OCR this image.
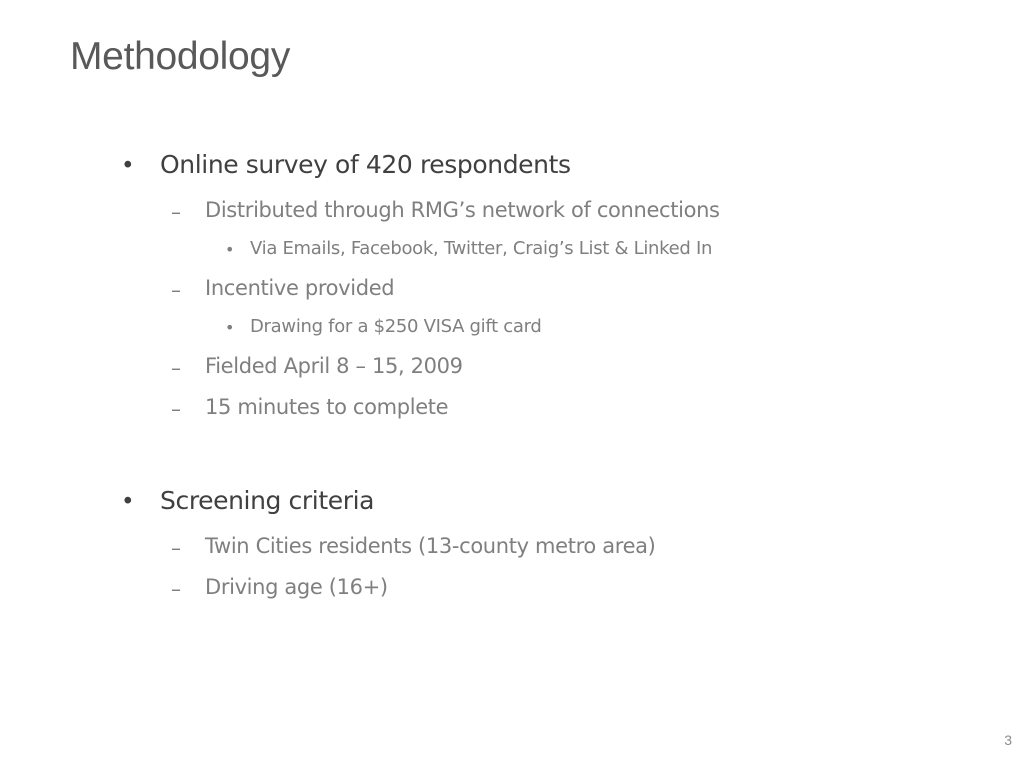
Methodology
• Online survey of 420 respondents
– Distributed through RMG’s network of connections
• Via Emails, Facebook, Twitter, Craig’s List & Linked In
– Incentive provided
• Drawing for a $250 VISA gift card
– Fielded April 8 – 15, 2009
– 15 minutes to complete
• Screening criteria
– Twin Cities residents (13-county metro area)
– Driving age (16+)
3
